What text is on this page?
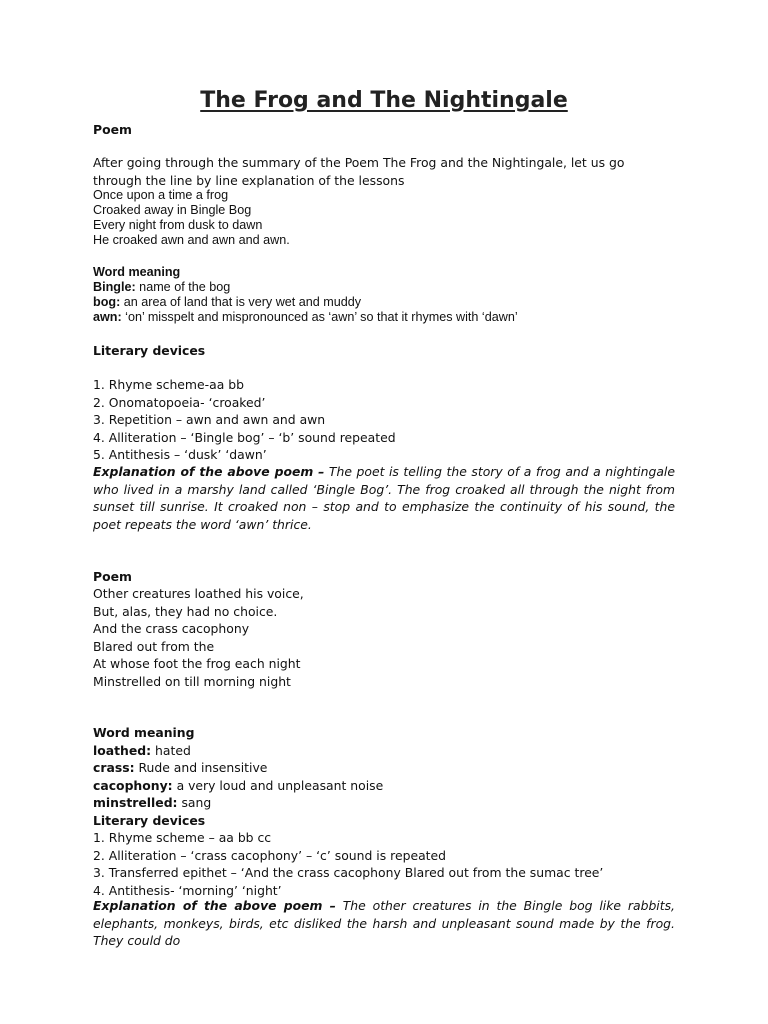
The Frog and The Nightingale
Poem
After going through the summary of the Poem The Frog and the Nightingale, let us go
through the line by line explanation of the lessons
Once upon a time a frog
Croaked away in Bingle Bog
Every night from dusk to dawn
He croaked awn and awn and awn.
Word meaning
Bingle: name of the bog
bog: an area of land that is very wet and muddy
awn: ‘on’ misspelt and mispronounced as ‘awn’ so that it rhymes with ‘dawn’
Literary devices
1. Rhyme scheme-aa bb
2. Onomatopoeia- ‘croaked’
3. Repetition – awn and awn and awn
4. Alliteration – ‘Bingle bog’ – ‘b’ sound repeated
5. Antithesis – ‘dusk’ ‘dawn’
Explanation of the above poem – The poet is telling the story of a frog and a nightingale who lived in a marshy land called ‘Bingle Bog’. The frog croaked all through the night from sunset till sunrise. It croaked non – stop and to emphasize the continuity of his sound, the poet repeats the word ‘awn’ thrice.
Poem
Other creatures loathed his voice,
But, alas, they had no choice.
And the crass cacophony
Blared out from the
At whose foot the frog each night
Minstrelled on till morning night
Word meaning
loathed: hated
crass: Rude and insensitive
cacophony: a very loud and unpleasant noise
minstrelled: sang
Literary devices
1. Rhyme scheme – aa bb cc
2. Alliteration – ‘crass cacophony’ – ‘c’ sound is repeated
3. Transferred epithet – ‘And the crass cacophony Blared out from the sumac tree’
4. Antithesis- ‘morning’ ‘night’
Explanation of the above poem – The other creatures in the Bingle bog like rabbits, elephants, monkeys, birds, etc disliked the harsh and unpleasant sound made by the frog. They could do
